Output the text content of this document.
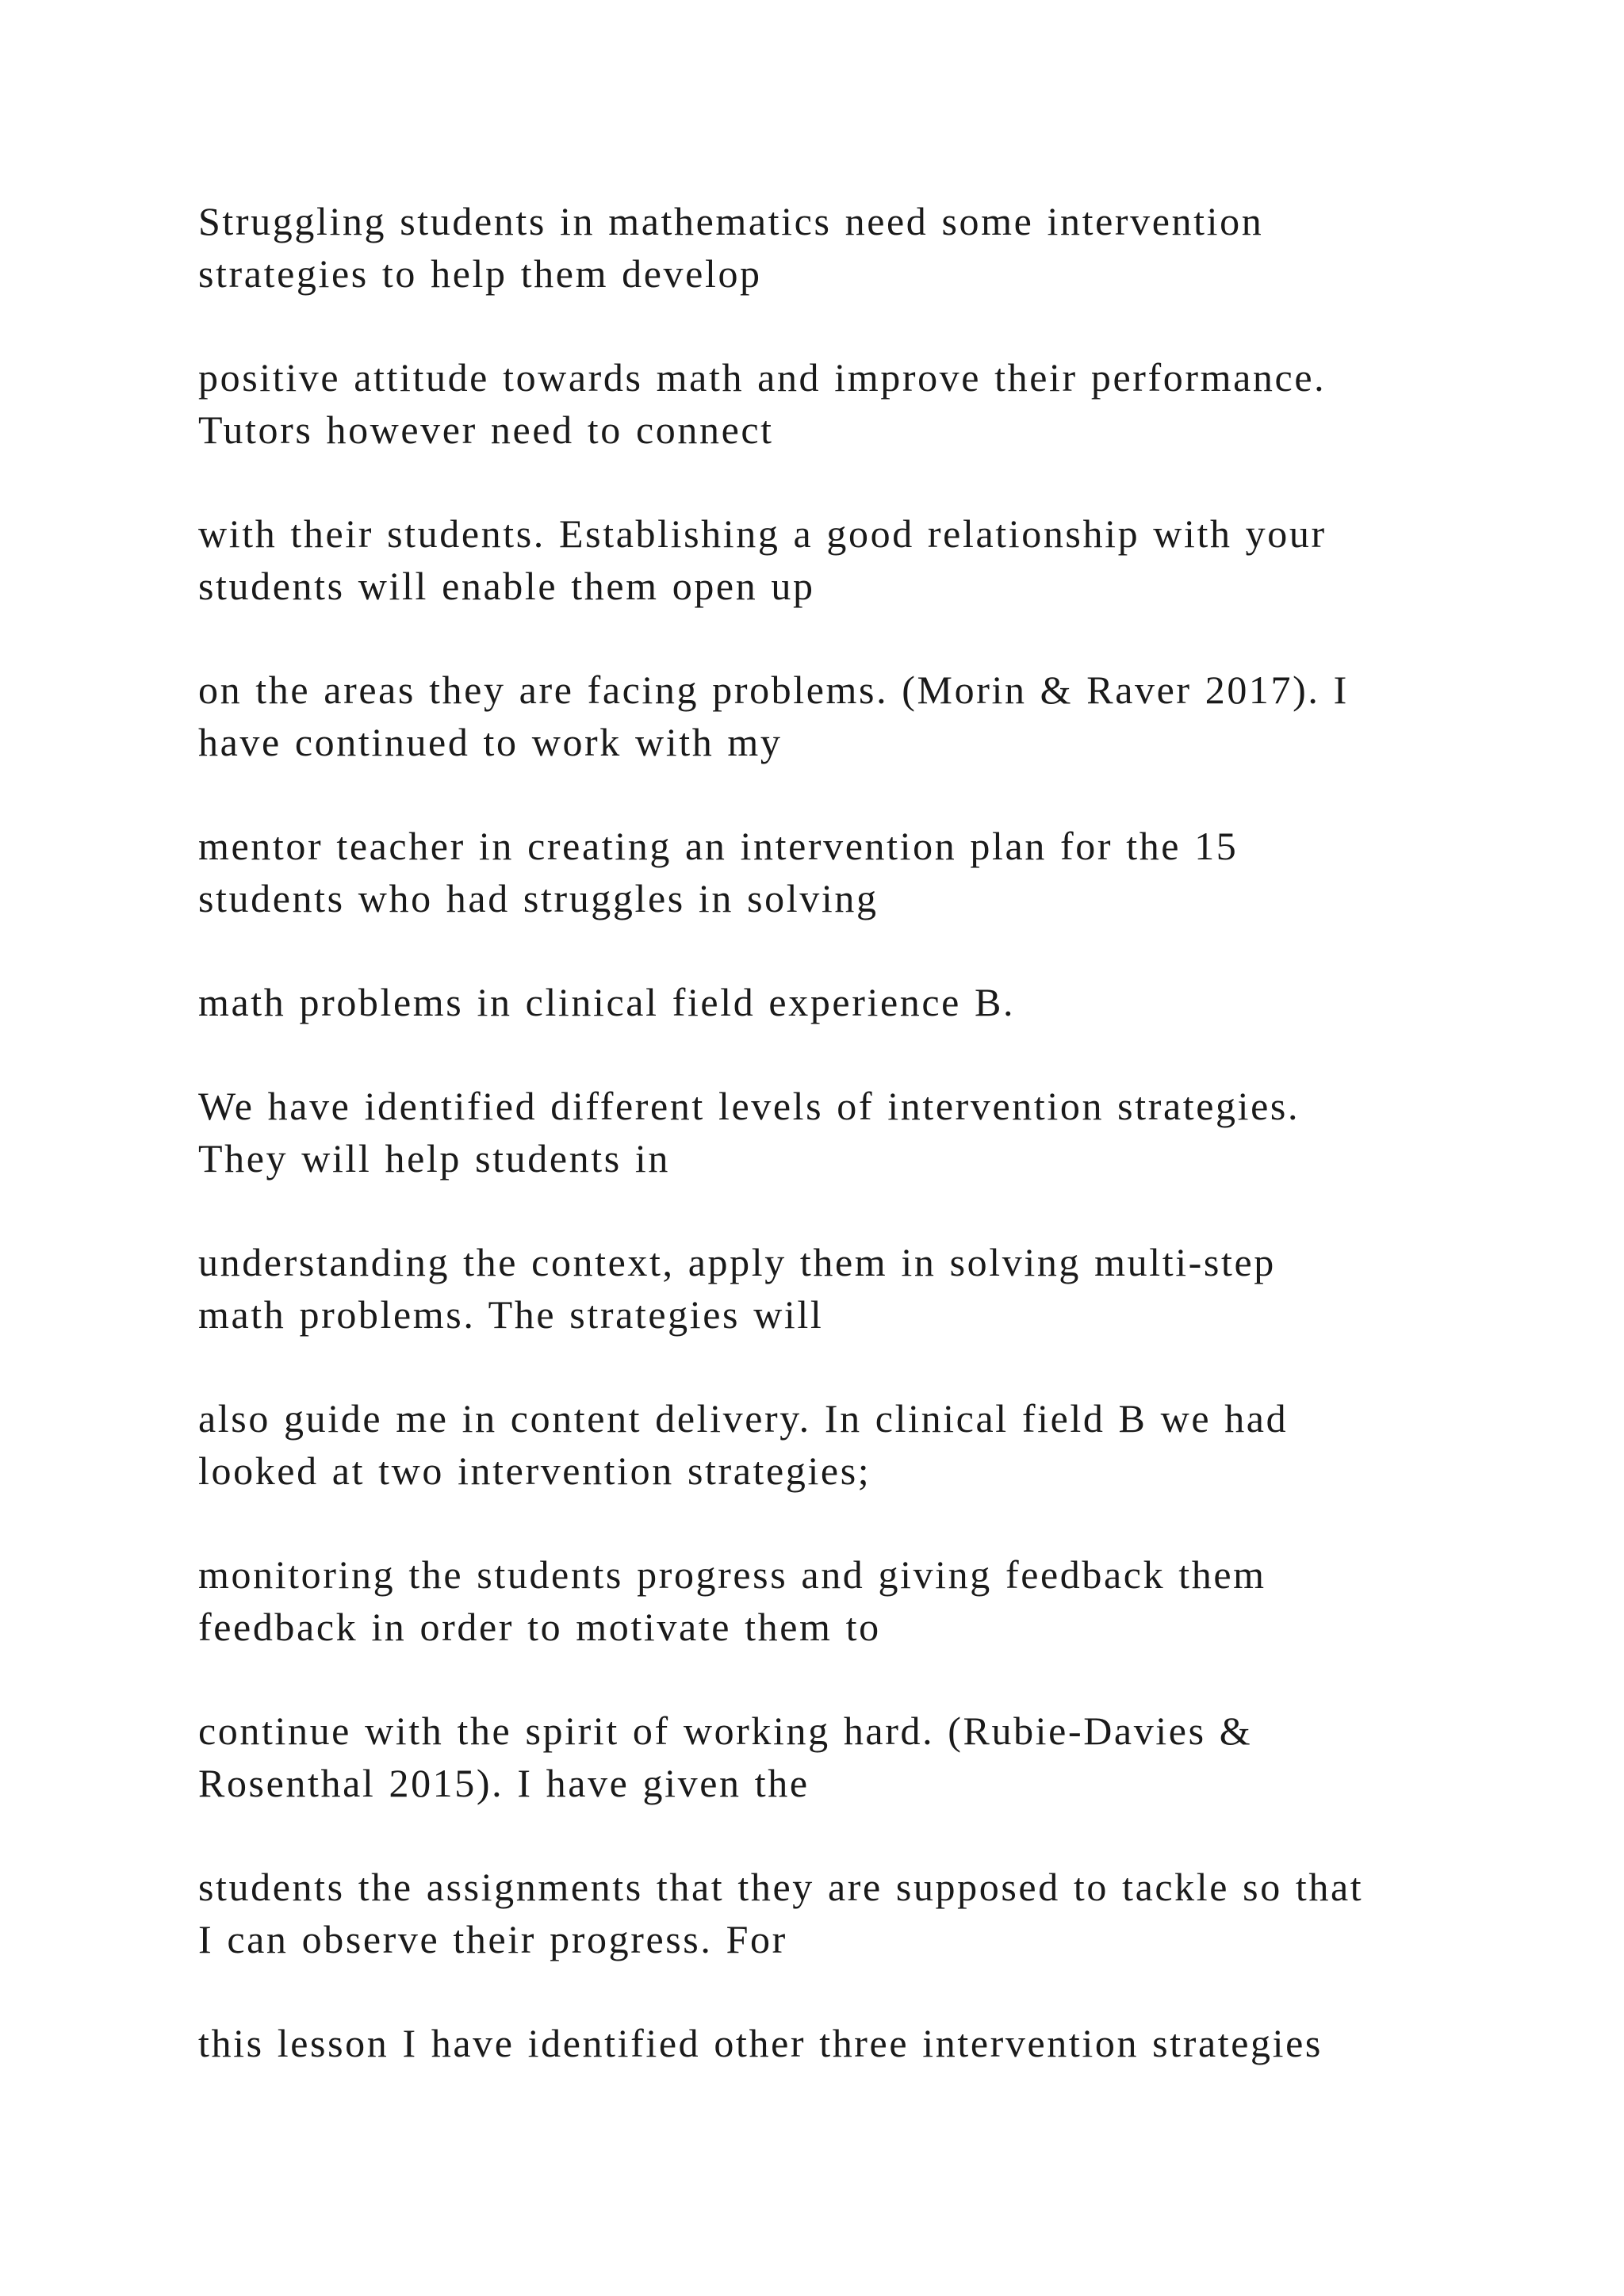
Struggling students in mathematics need some intervention
strategies to help them develop

positive attitude towards math and improve their performance.
Tutors however need to connect

with their students. Establishing a good relationship with your
students will enable them open up

on the areas they are facing problems. (Morin & Raver 2017). I
have continued to work with my

mentor teacher in creating an intervention plan for the 15
students who had struggles in solving

math problems in clinical field experience B.

We have identified different levels of intervention strategies.
They will help students in

understanding the context, apply them in solving multi-step
math problems. The strategies will

also guide me in content delivery. In clinical field B we had
looked at two intervention strategies;

monitoring the students progress and giving feedback them
feedback in order to motivate them to

continue with the spirit of working hard. (Rubie-Davies &
Rosenthal 2015). I have given the

students the assignments that they are supposed to tackle so that
I can observe their progress. For

this lesson I have identified other three intervention strategies
